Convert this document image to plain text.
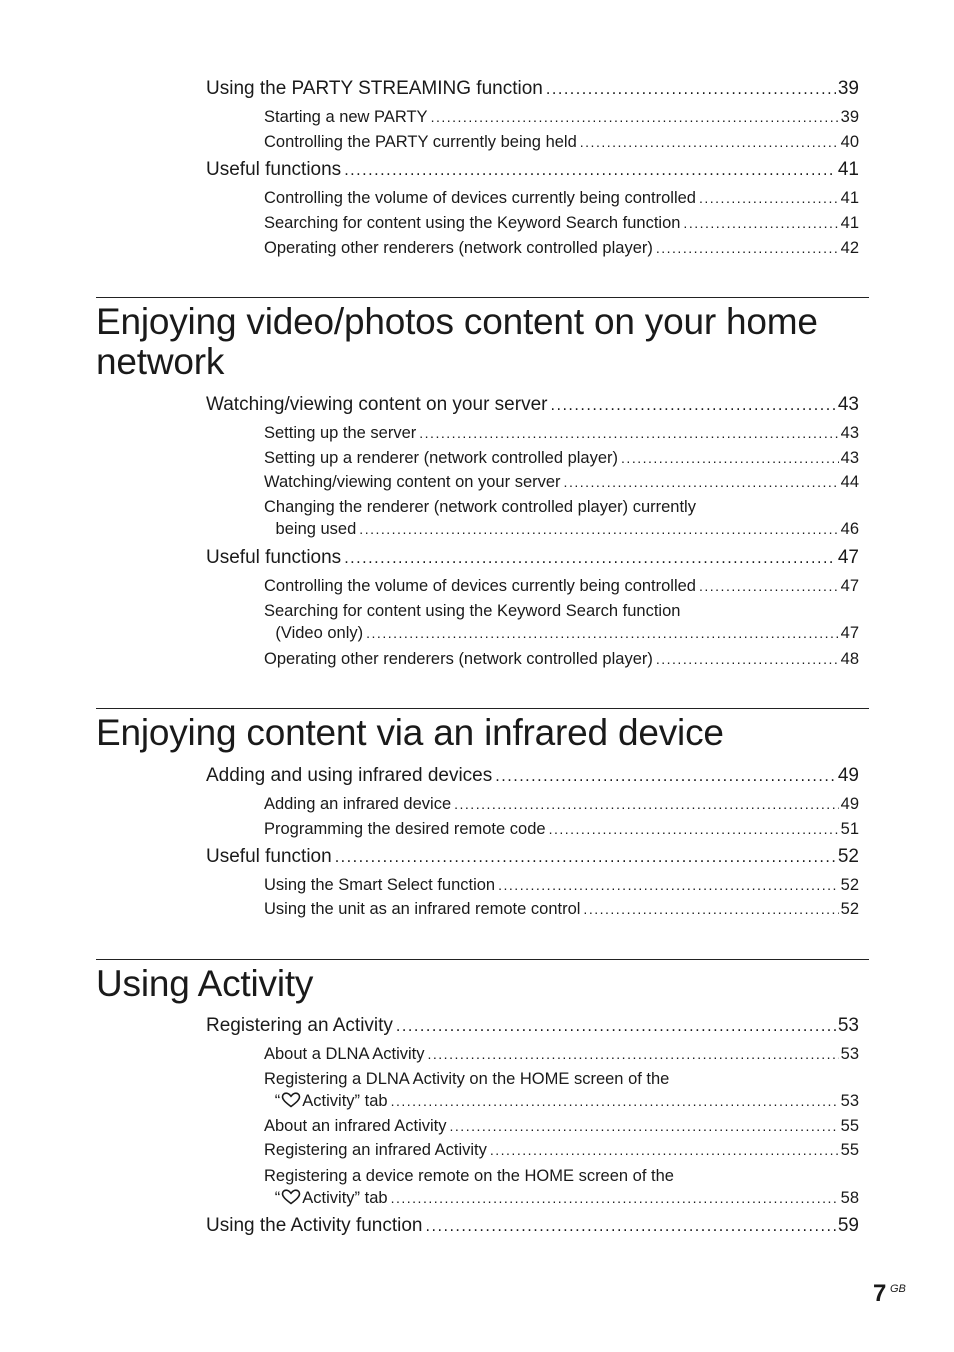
Using the PARTY STREAMING function .....	39
Starting a new PARTY .....	39
Controlling the PARTY currently being held .....	40
Useful functions .....	41
Controlling the volume of devices currently being controlled .....	41
Searching for content using the Keyword Search function .....	41
Operating other renderers (network controlled player) .....	42
Enjoying video/photos content on your home network
Watching/viewing content on your server .....	43
Setting up the server .....	43
Setting up a renderer (network controlled player) .....	43
Watching/viewing content on your server .....	44
Changing the renderer (network controlled player) currently
being used .....	46
Useful functions .....	47
Controlling the volume of devices currently being controlled .....	47
Searching for content using the Keyword Search function
(Video only) .....	47
Operating other renderers (network controlled player) .....	48
Enjoying content via an infrared device
Adding and using infrared devices .....	49
Adding an infrared device .....	49
Programming the desired remote code .....	51
Useful function .....	52
Using the Smart Select function .....	52
Using the unit as an infrared remote control .....	52
Using Activity
Registering an Activity .....	53
About a DLNA Activity .....	53
Registering a DLNA Activity on the HOME screen of the
“ Activity” tab .....	53
About an infrared Activity .....	55
Registering an infrared Activity .....	55
Registering a device remote on the HOME screen of the
“ Activity” tab .....	58
Using the Activity function .....	59
7 GB
